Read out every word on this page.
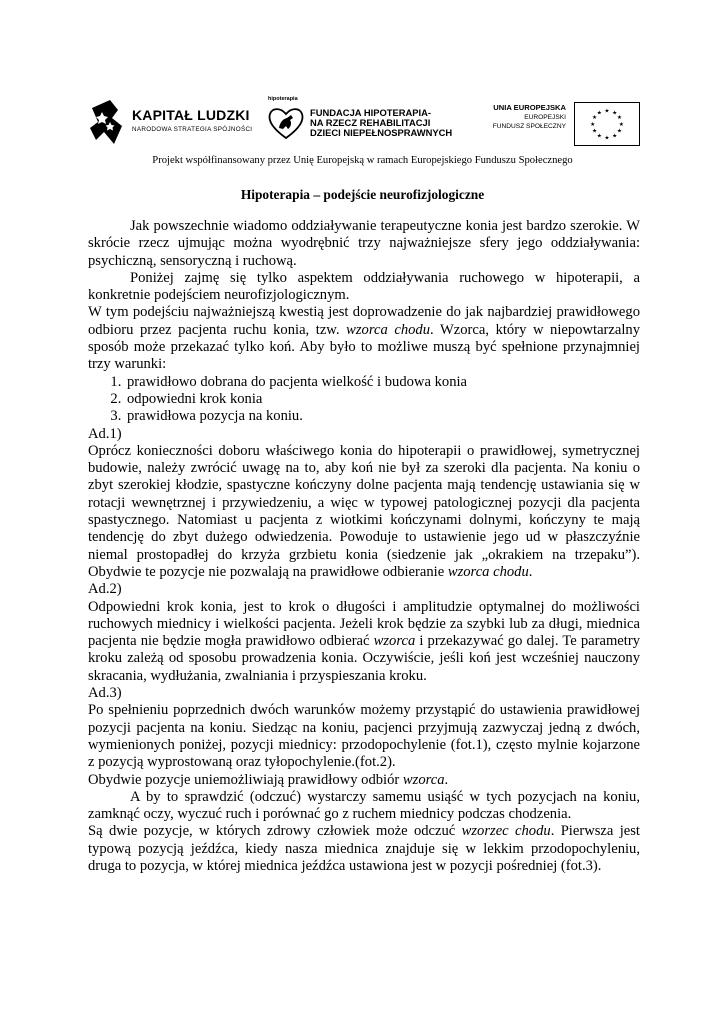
KAPITAŁ LUDZKI
NARODOWA STRATEGIA SPÓJNOŚCI
hipoterapia
FUNDACJA HIPOTERAPIA-
NA RZECZ REHABILITACJI
DZIECI NIEPEŁNOSPRAWNYCH
UNIA EUROPEJSKA
EUROPEJSKI
FUNDUSZ SPOŁECZNY
★ ★
★
★
★
★
★
★
★
★
★
★
Projekt współfinansowany przez Unię Europejską w ramach Europejskiego Funduszu Społecznego
Hipoterapia – podejście neurofizjologiczne

Jak powszechnie wiadomo oddziaływanie terapeutyczne konia jest bardzo szerokie. W skrócie rzecz ujmując można wyodrębnić trzy najważniejsze sfery jego oddziaływania: psychiczną, sensoryczną i ruchową.

Poniżej zajmę się tylko aspektem oddziaływania ruchowego w hipoterapii, a konkretnie podejściem neurofizjologicznym.

W tym podejściu najważniejszą kwestią jest doprowadzenie do jak najbardziej prawidłowego odbioru przez pacjenta ruchu konia, tzw. wzorca chodu. Wzorca, który w niepowtarzalny sposób może przekazać tylko koń. Aby było to możliwe muszą być spełnione przynajmniej trzy warunki:

1. prawidłowo dobrana do pacjenta wielkość i budowa konia
2. odpowiedni krok konia
3. prawidłowa pozycja na koniu.

Ad.1)

Oprócz konieczności doboru właściwego konia do hipoterapii o prawidłowej, symetrycznej budowie, należy zwrócić uwagę na to, aby koń nie był za szeroki dla pacjenta. Na koniu o zbyt szerokiej kłodzie, spastyczne kończyny dolne pacjenta mają tendencję ustawiania się w rotacji wewnętrznej i przywiedzeniu, a więc w typowej patologicznej pozycji dla pacjenta spastycznego. Natomiast u pacjenta z wiotkimi kończynami dolnymi, kończyny te mają tendencję do zbyt dużego odwiedzenia. Powoduje to ustawienie jego ud w płaszczyźnie niemal prostopadłej do krzyża grzbietu konia (siedzenie jak „okrakiem na trzepaku”). Obydwie te pozycje nie pozwalają na prawidłowe odbieranie wzorca chodu.

Ad.2)

Odpowiedni krok konia, jest to krok o długości i amplitudzie optymalnej do możliwości ruchowych miednicy i wielkości pacjenta. Jeżeli krok będzie za szybki lub za długi, miednica pacjenta nie będzie mogła prawidłowo odbierać wzorca i przekazywać go dalej. Te parametry kroku zależą od sposobu prowadzenia konia. Oczywiście, jeśli koń jest wcześniej nauczony skracania, wydłużania, zwalniania i przyspieszania kroku.

Ad.3)

Po spełnieniu poprzednich dwóch warunków możemy przystąpić do ustawienia prawidłowej pozycji pacjenta na koniu. Siedząc na koniu, pacjenci przyjmują zazwyczaj jedną z dwóch, wymienionych poniżej, pozycji miednicy: przodopochylenie (fot.1), często mylnie kojarzone z pozycją wyprostowaną oraz tyłopochylenie.(fot.2).

Obydwie pozycje uniemożliwiają prawidłowy odbiór wzorca.

A by to sprawdzić (odczuć) wystarczy samemu usiąść w tych pozycjach na koniu, zamknąć oczy, wyczuć ruch i porównać go z ruchem miednicy podczas chodzenia.

Są dwie pozycje, w których zdrowy człowiek może odczuć wzorzec chodu. Pierwsza jest typową pozycją jeźdźca, kiedy nasza miednica znajduje się w lekkim przodopochyleniu, druga to pozycja, w której miednica jeźdźca ustawiona jest w pozycji pośredniej (fot.3).
